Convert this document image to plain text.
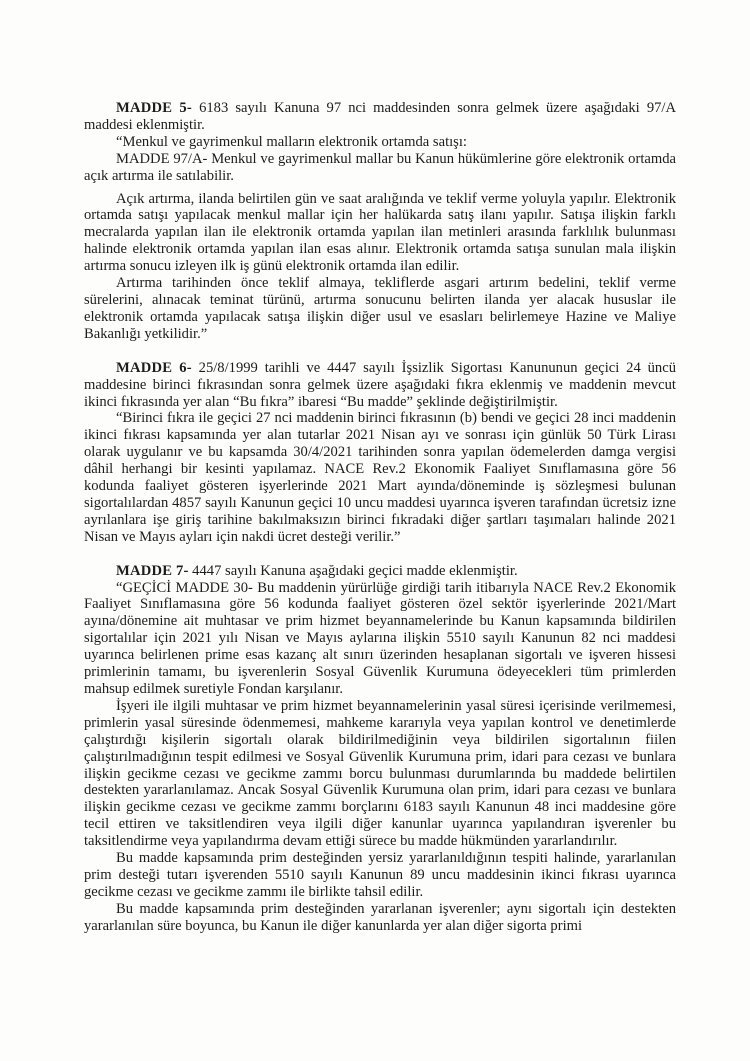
MADDE 5- 6183 sayılı Kanuna 97 nci maddesinden sonra gelmek üzere aşağıdaki 97/A maddesi eklenmiştir.

“Menkul ve gayrimenkul malların elektronik ortamda satışı:

MADDE 97/A- Menkul ve gayrimenkul mallar bu Kanun hükümlerine göre elektronik ortamda açık artırma ile satılabilir.

Açık artırma, ilanda belirtilen gün ve saat aralığında ve teklif verme yoluyla yapılır. Elektronik ortamda satışı yapılacak menkul mallar için her halükarda satış ilanı yapılır. Satışa ilişkin farklı mecralarda yapılan ilan ile elektronik ortamda yapılan ilan metinleri arasında farklılık bulunması halinde elektronik ortamda yapılan ilan esas alınır. Elektronik ortamda satışa sunulan mala ilişkin artırma sonucu izleyen ilk iş günü elektronik ortamda ilan edilir.

Artırma tarihinden önce teklif almaya, tekliflerde asgari artırım bedelini, teklif verme sürelerini, alınacak teminat türünü, artırma sonucunu belirten ilanda yer alacak hususlar ile elektronik ortamda yapılacak satışa ilişkin diğer usul ve esasları belirlemeye Hazine ve Maliye Bakanlığı yetkilidir.”

MADDE 6- 25/8/1999 tarihli ve 4447 sayılı İşsizlik Sigortası Kanununun geçici 24 üncü maddesine birinci fıkrasından sonra gelmek üzere aşağıdaki fıkra eklenmiş ve maddenin mevcut ikinci fıkrasında yer alan “Bu fıkra” ibaresi “Bu madde” şeklinde değiştirilmiştir.

“Birinci fıkra ile geçici 27 nci maddenin birinci fıkrasının (b) bendi ve geçici 28 inci maddenin ikinci fıkrası kapsamında yer alan tutarlar 2021 Nisan ayı ve sonrası için günlük 50 Türk Lirası olarak uygulanır ve bu kapsamda 30/4/2021 tarihinden sonra yapılan ödemelerden damga vergisi dâhil herhangi bir kesinti yapılamaz. NACE Rev.2 Ekonomik Faaliyet Sınıflamasına göre 56 kodunda faaliyet gösteren işyerlerinde 2021 Mart ayında/döneminde iş sözleşmesi bulunan sigortalılardan 4857 sayılı Kanunun geçici 10 uncu maddesi uyarınca işveren tarafından ücretsiz izne ayrılanlara işe giriş tarihine bakılmaksızın birinci fıkradaki diğer şartları taşımaları halinde 2021 Nisan ve Mayıs ayları için nakdi ücret desteği verilir.”

MADDE 7- 4447 sayılı Kanuna aşağıdaki geçici madde eklenmiştir.

“GEÇİCİ MADDE 30- Bu maddenin yürürlüğe girdiği tarih itibarıyla NACE Rev.2 Ekonomik Faaliyet Sınıflamasına göre 56 kodunda faaliyet gösteren özel sektör işyerlerinde 2021/Mart ayına/dönemine ait muhtasar ve prim hizmet beyannamelerinde bu Kanun kapsamında bildirilen sigortalılar için 2021 yılı Nisan ve Mayıs aylarına ilişkin 5510 sayılı Kanunun 82 nci maddesi uyarınca belirlenen prime esas kazanç alt sınırı üzerinden hesaplanan sigortalı ve işveren hissesi primlerinin tamamı, bu işverenlerin Sosyal Güvenlik Kurumuna ödeyecekleri tüm primlerden mahsup edilmek suretiyle Fondan karşılanır.

İşyeri ile ilgili muhtasar ve prim hizmet beyannamelerinin yasal süresi içerisinde verilmemesi, primlerin yasal süresinde ödenmemesi, mahkeme kararıyla veya yapılan kontrol ve denetimlerde çalıştırdığı kişilerin sigortalı olarak bildirilmediğinin veya bildirilen sigortalının fiilen çalıştırılmadığının tespit edilmesi ve Sosyal Güvenlik Kurumuna prim, idari para cezası ve bunlara ilişkin gecikme cezası ve gecikme zammı borcu bulunması durumlarında bu maddede belirtilen destekten yararlanılamaz. Ancak Sosyal Güvenlik Kurumuna olan prim, idari para cezası ve bunlara ilişkin gecikme cezası ve gecikme zammı borçlarını 6183 sayılı Kanunun 48 inci maddesine göre tecil ettiren ve taksitlendiren veya ilgili diğer kanunlar uyarınca yapılandıran işverenler bu taksitlendirme veya yapılandırma devam ettiği sürece bu madde hükmünden yararlandırılır.

Bu madde kapsamında prim desteğinden yersiz yararlanıldığının tespiti halinde, yararlanılan prim desteği tutarı işverenden 5510 sayılı Kanunun 89 uncu maddesinin ikinci fıkrası uyarınca gecikme cezası ve gecikme zammı ile birlikte tahsil edilir.

Bu madde kapsamında prim desteğinden yararlanan işverenler; aynı sigortalı için destekten yararlanılan süre boyunca, bu Kanun ile diğer kanunlarda yer alan diğer sigorta primi
